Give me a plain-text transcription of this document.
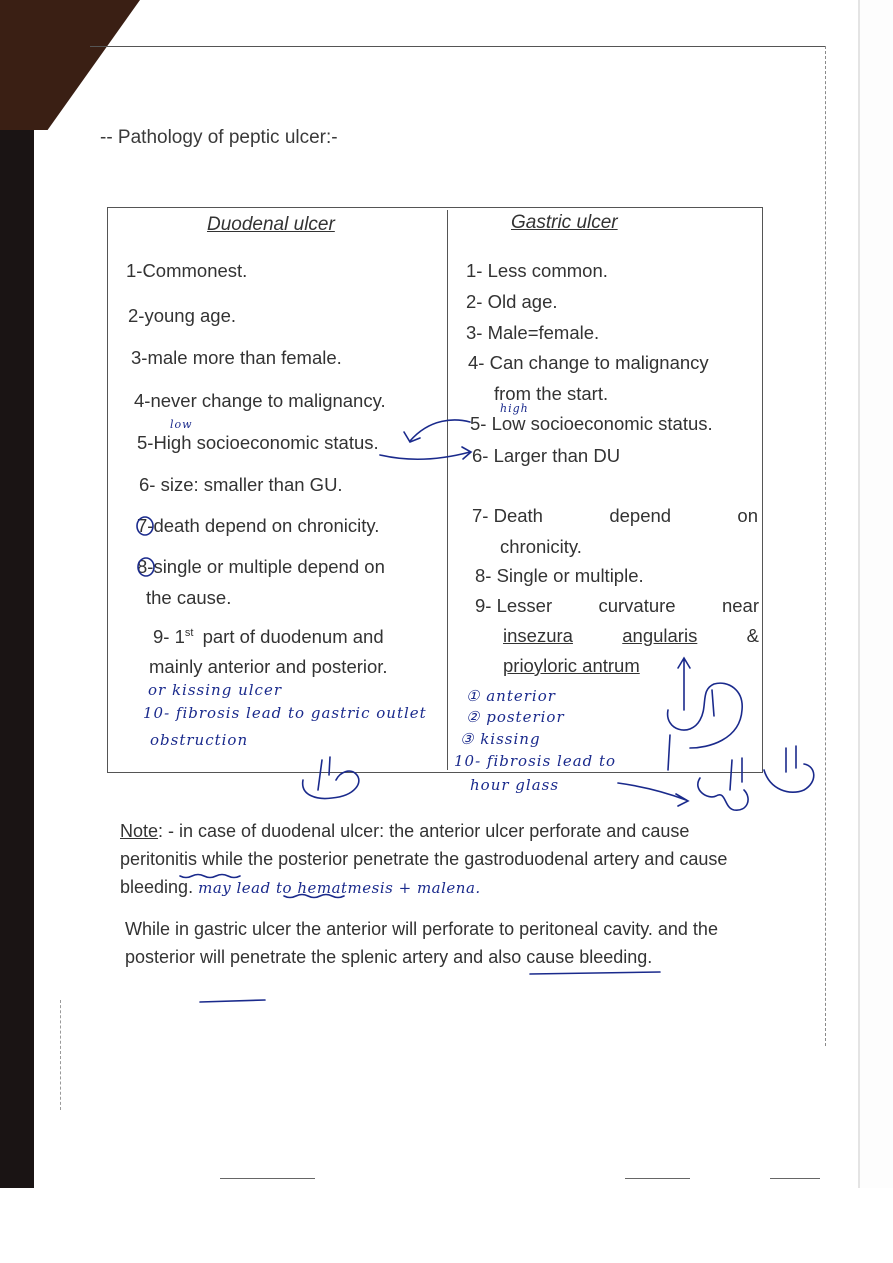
-- Pathology of peptic ulcer:-
Duodenal ulcer
1-Commonest.
2-young age.
3-male more than female.
4-never change to malignancy.
5-High socioeconomic status.
6- size: smaller than GU.
7-death depend on chronicity.
8-single or multiple depend on
the cause.
9- 1st part of duodenum and
mainly anterior and posterior.
Gastric ulcer
1- Less common.
2- Old age.
3- Male=female.
4- Can change to malignancy
from the start.
5- Low socioeconomic status.
6- Larger than DU
7- Death	depend	on
chronicity.
8- Single or multiple.
9- Lesser	curvature	near
insezura	angularis	&
prioyloric antrum
low
high
or kissing ulcer
10- fibrosis lead to gastric outlet
obstruction
① anterior
② posterior
③ kissing
10- fibrosis lead to
hour glass
Note: - in case of duodenal ulcer: the anterior ulcer perforate and cause peritonitis while the posterior penetrate the gastroduodenal artery and cause bleeding. may lead to hematmesis + malena.
While in gastric ulcer the anterior will perforate to peritoneal cavity. and the posterior will penetrate the splenic artery and also cause bleeding.
